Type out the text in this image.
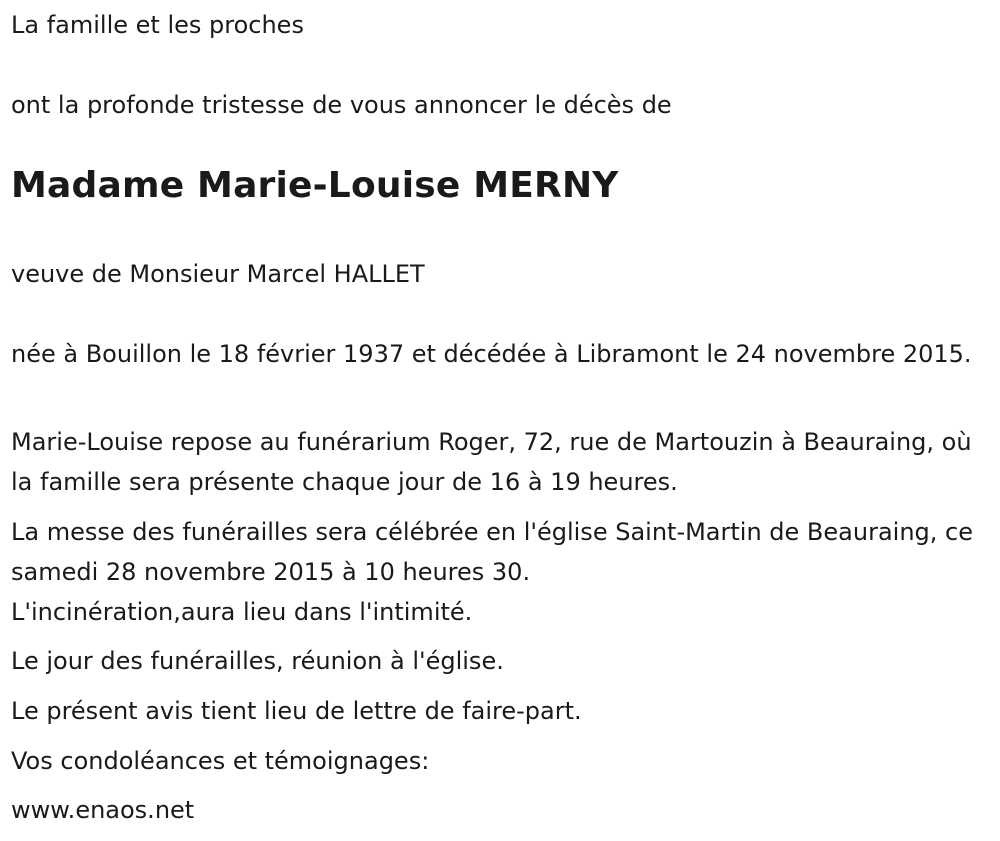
La famille et les proches

ont la profonde tristesse de vous annoncer le décès de

Madame Marie-Louise MERNY

veuve de Monsieur Marcel HALLET

née à Bouillon le 18 février 1937 et décédée à Libramont le 24 novembre 2015.

Marie-Louise repose au funérarium Roger, 72, rue de Martouzin à Beauraing, où la famille sera présente chaque jour de 16 à 19 heures.

La messe des funérailles sera célébrée en l'église Saint-Martin de Beauraing, ce samedi 28 novembre 2015 à 10 heures 30.

L'incinération,aura lieu dans l'intimité.

Le jour des funérailles, réunion à l'église.

Le présent avis tient lieu de lettre de faire-part.

Vos condoléances et témoignages:

www.enaos.net
